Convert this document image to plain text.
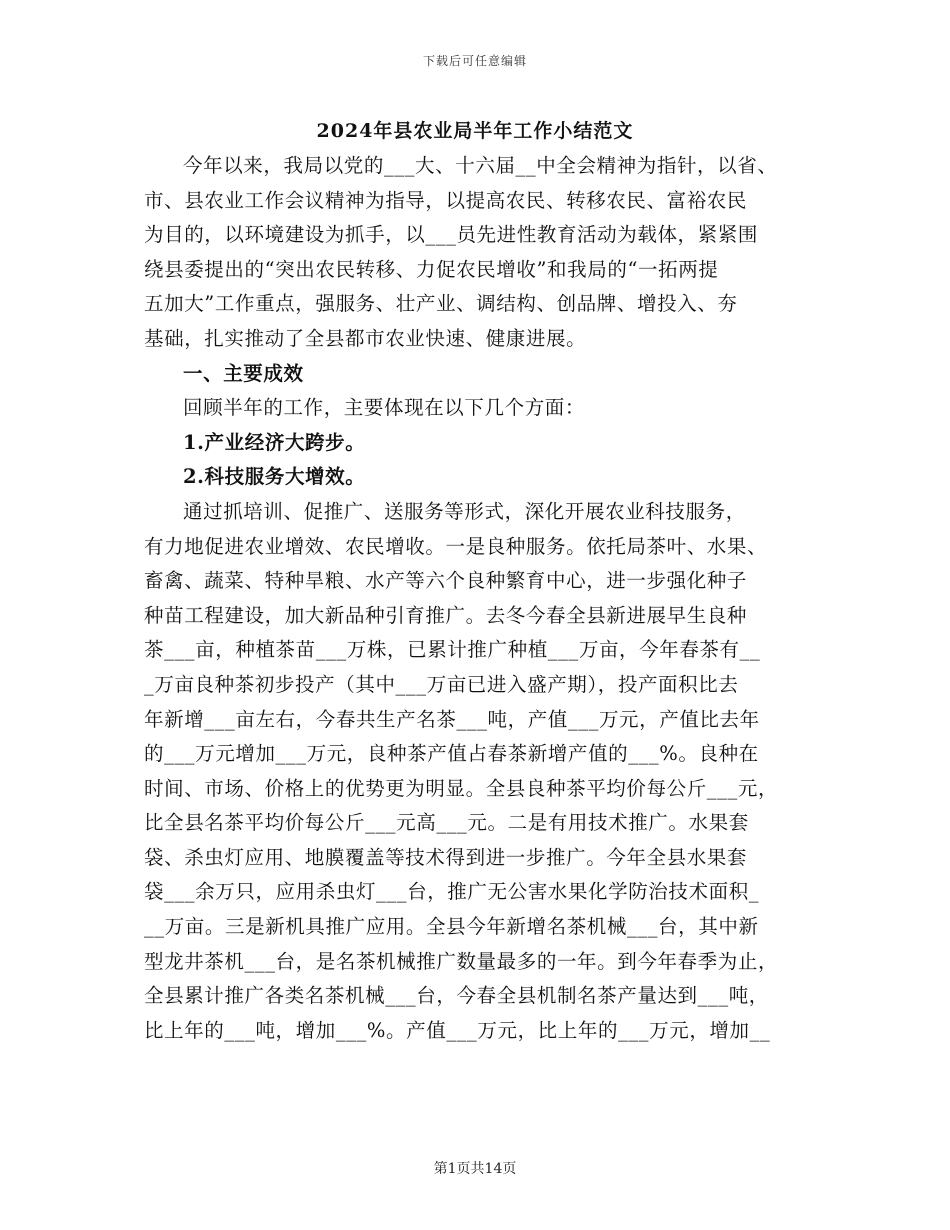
下载后可任意编辑
2024年县农业局半年工作小结范文
今年以来，我局以党的___大、十六届__中全会精神为指针，以省、
市、县农业工作会议精神为指导，以提高农民、转移农民、富裕农民
为目的，以环境建设为抓手，以___员先进性教育活动为载体，紧紧围
绕县委提出的“突出农民转移、力促农民增收”和我局的“一拓两提
五加大”工作重点，强服务、壮产业、调结构、创品牌、增投入、夯
基础，扎实推动了全县都市农业快速、健康进展。
一、主要成效
回顾半年的工作，主要体现在以下几个方面：
1.产业经济大跨步。
2.科技服务大增效。
通过抓培训、促推广、送服务等形式，深化开展农业科技服务，
有力地促进农业增效、农民增收。一是良种服务。依托局茶叶、水果、
畜禽、蔬菜、特种旱粮、水产等六个良种繁育中心，进一步强化种子
种苗工程建设，加大新品种引育推广。去冬今春全县新进展早生良种
茶___亩，种植茶苗___万株，已累计推广种植___万亩，今年春茶有__
_万亩良种茶初步投产（其中___万亩已进入盛产期），投产面积比去
年新增___亩左右，今春共生产名茶___吨，产值___万元，产值比去年
的___万元增加___万元，良种茶产值占春茶新增产值的___%。良种在
时间、市场、价格上的优势更为明显。全县良种茶平均价每公斤___元，
比全县名茶平均价每公斤___元高___元。二是有用技术推广。水果套
袋、杀虫灯应用、地膜覆盖等技术得到进一步推广。今年全县水果套
袋___余万只，应用杀虫灯___台，推广无公害水果化学防治技术面积_
__万亩。三是新机具推广应用。全县今年新增名茶机械___台，其中新
型龙井茶机___台，是名茶机械推广数量最多的一年。到今年春季为止，
全县累计推广各类名茶机械___台，今春全县机制名茶产量达到___吨，
比上年的___吨，增加___%。产值___万元，比上年的___万元，增加__
第1页共14页
